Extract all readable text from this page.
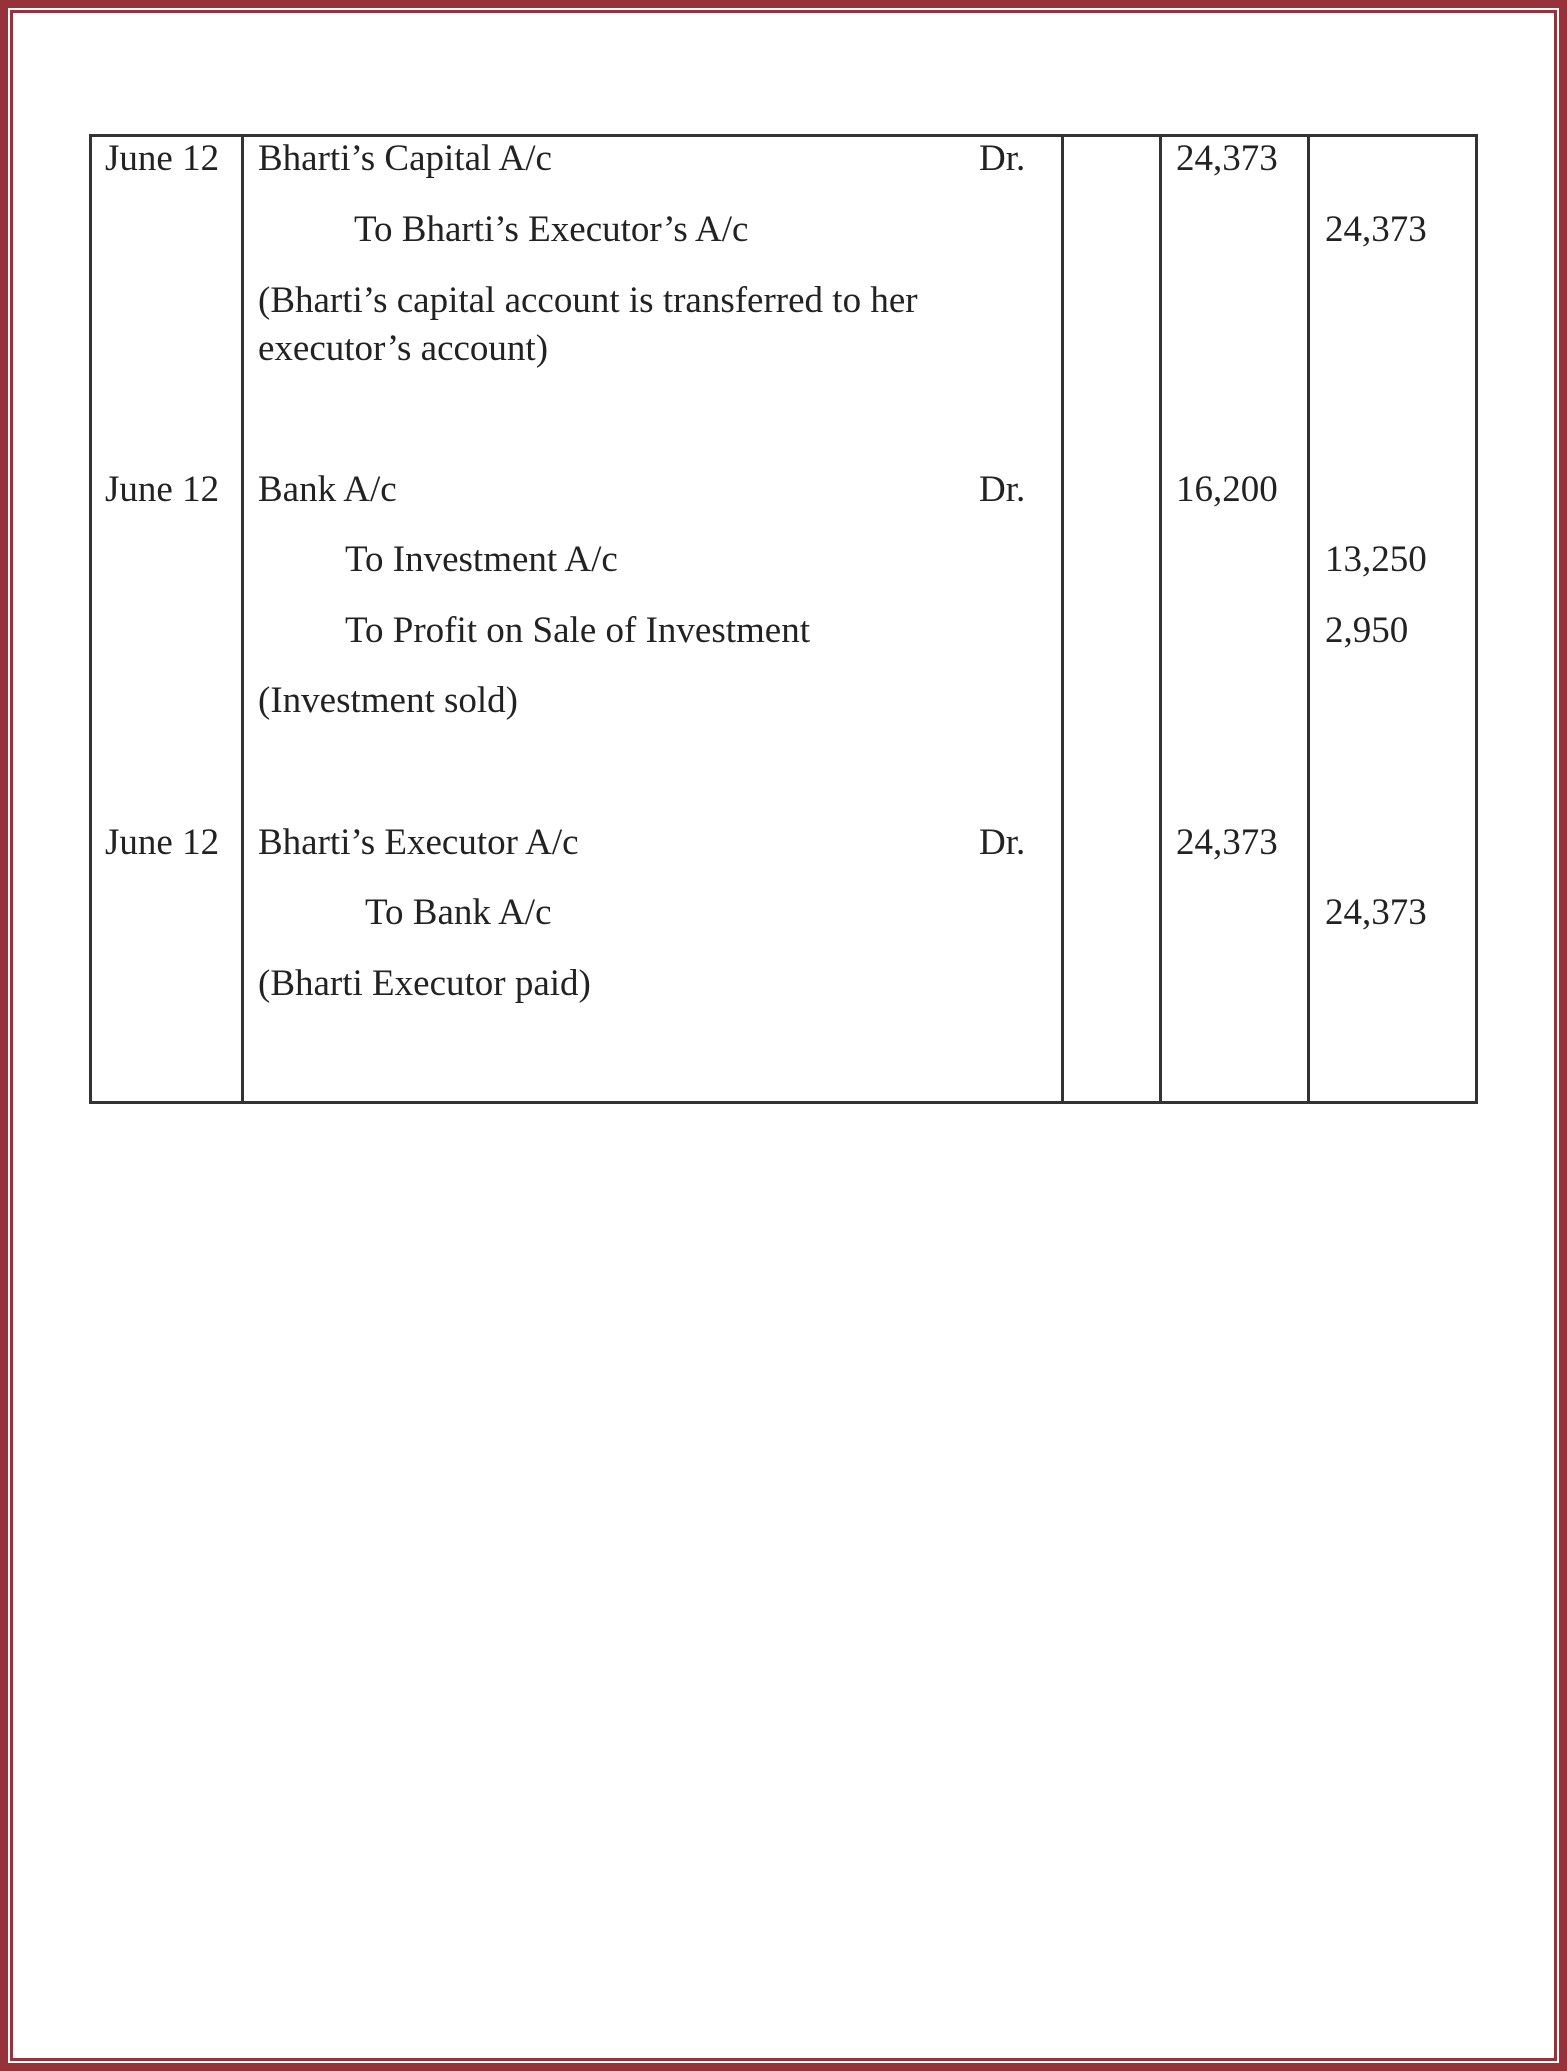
June 12 Bharti’s Capital A/c	Dr.	24,373
To Bharti’s Executor’s A/c	24,373
(Bharti’s capital account is transferred to her
executor’s account)
June 12 Bank A/c	Dr.	16,200
To Investment A/c	13,250
To Profit on Sale of Investment	2,950
(Investment sold)
June 12 Bharti’s Executor A/c	Dr.	24,373
To Bank A/c	24,373
(Bharti Executor paid)
